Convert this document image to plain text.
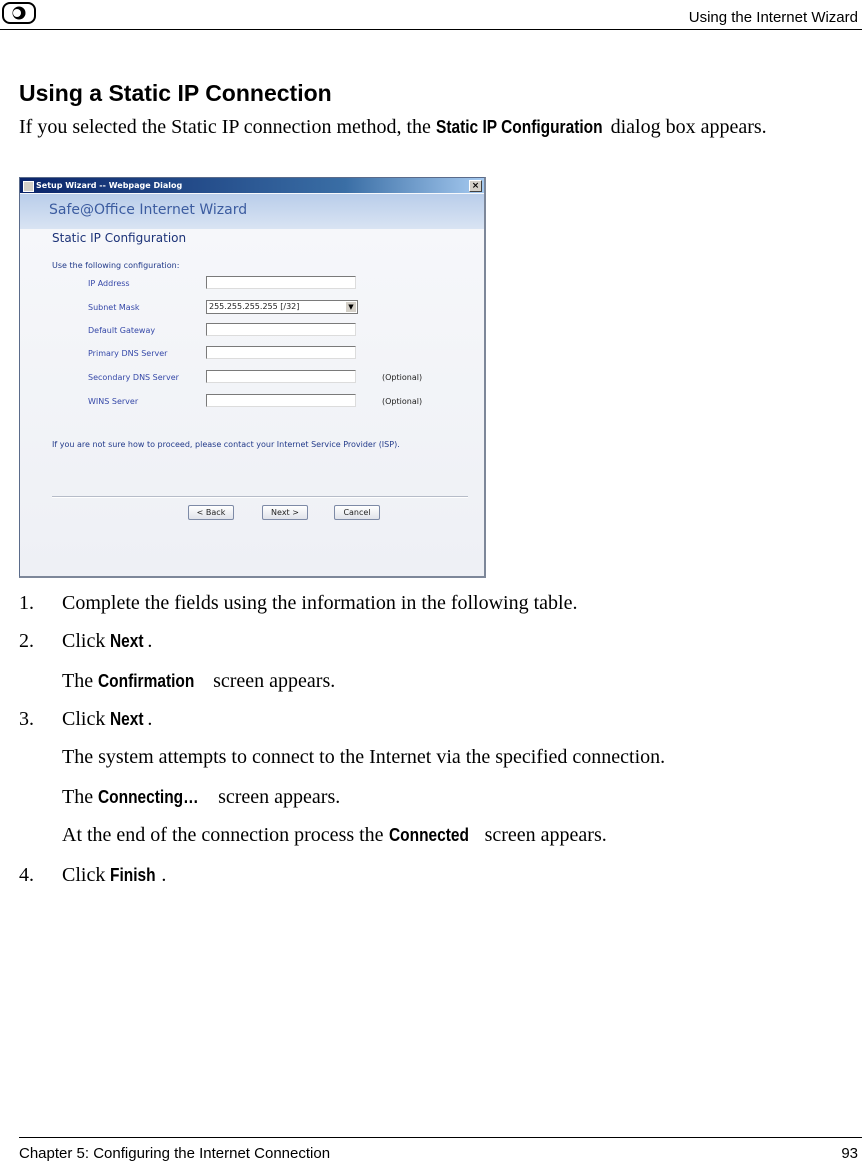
Using the Internet Wizard
Using a Static IP Connection
If you selected the Static IP connection method, the Static IP Configuration dialog box appears.
Setup Wizard -- Webpage Dialog	×
Safe@Office Internet Wizard
Static IP Configuration
Use the following configuration:
IP Address
Subnet Mask	255.255.255.255 [/32]	▼
Default Gateway
Primary DNS Server
Secondary DNS Server	(Optional)
WINS Server	(Optional)
If you are not sure how to proceed, please contact your Internet Service Provider (ISP).
< Back	Next >	Cancel
1. Complete the fields using the information in the following table.
2. Click Next .
The Confirmation screen appears.
3. Click Next .
The system attempts to connect to the Internet via the specified connection.
The Connecting… screen appears.
At the end of the connection process the Connected screen appears.
4. Click Finish .
Chapter 5: Configuring the Internet Connection	93
